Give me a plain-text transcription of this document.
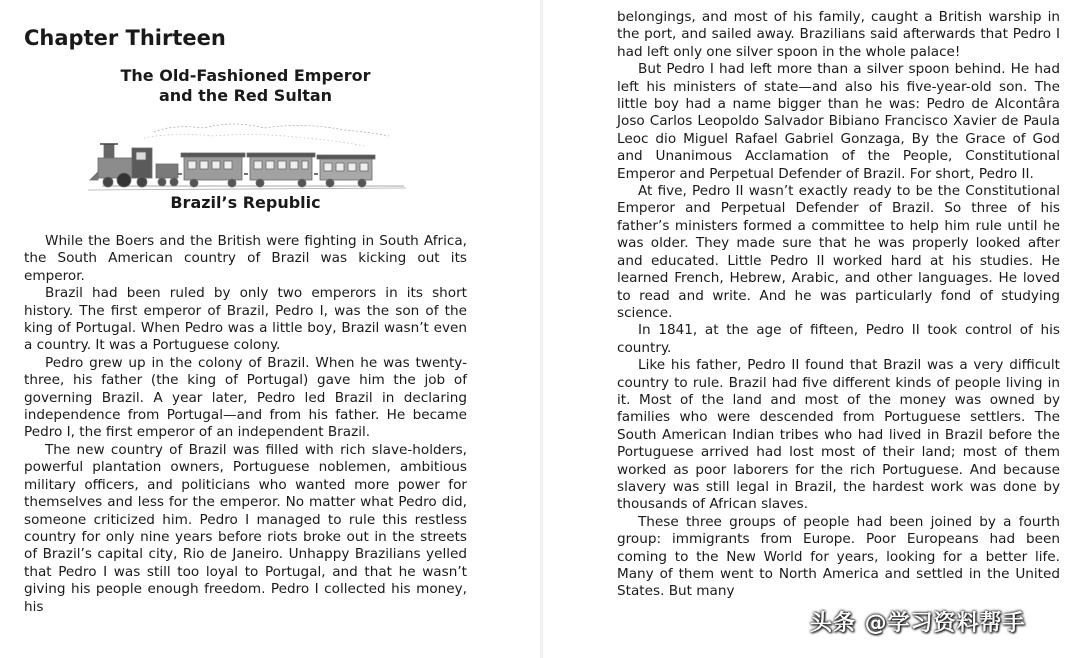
Chapter Thirteen
The Old-Fashioned Emperor
and the Red Sultan
Brazil’s Republic

While the Boers and the British were fighting in South Africa, the South American country of Brazil was kicking out its emperor.

Brazil had been ruled by only two emperors in its short history. The first emperor of Brazil, Pedro I, was the son of the king of Portugal. When Pedro was a little boy, Brazil wasn’t even a country. It was a Portuguese colony.

Pedro grew up in the colony of Brazil. When he was twenty-three, his father (the king of Portugal) gave him the job of governing Brazil. A year later, Pedro led Brazil in declaring independence from Portugal—and from his father. He became Pedro I, the first emperor of an independent Brazil.

The new country of Brazil was filled with rich slave-holders, powerful plantation owners, Portuguese noblemen, ambitious military officers, and politicians who wanted more power for themselves and less for the emperor. No matter what Pedro did, someone criticized him. Pedro I managed to rule this restless country for only nine years before riots broke out in the streets of Brazil’s capital city, Rio de Janeiro. Unhappy Brazilians yelled that Pedro I was still too loyal to Portugal, and that he wasn’t giving his people enough freedom. Pedro I collected his money, his

belongings, and most of his family, caught a British warship in the port, and sailed away. Brazilians said afterwards that Pedro I had left only one silver spoon in the whole palace!

But Pedro I had left more than a silver spoon behind. He had left his ministers of state—and also his five-year-old son. The little boy had a name bigger than he was: Pedro de Alcontâra Joso Carlos Leopoldo Salvador Bibiano Francisco Xavier de Paula Leoc dio Miguel Rafael Gabriel Gonzaga, By the Grace of God and Unanimous Acclamation of the People, Constitutional Emperor and Perpetual Defender of Brazil. For short, Pedro II.

At five, Pedro II wasn’t exactly ready to be the Constitutional Emperor and Perpetual Defender of Brazil. So three of his father’s ministers formed a committee to help him rule until he was older. They made sure that he was properly looked after and educated. Little Pedro II worked hard at his studies. He learned French, Hebrew, Arabic, and other languages. He loved to read and write. And he was particularly fond of studying science.

In 1841, at the age of fifteen, Pedro II took control of his country.

Like his father, Pedro II found that Brazil was a very difficult country to rule. Brazil had five different kinds of people living in it. Most of the land and most of the money was owned by families who were descended from Portuguese settlers. The South American Indian tribes who had lived in Brazil before the Portuguese arrived had lost most of their land; most of them worked as poor laborers for the rich Portuguese. And because slavery was still legal in Brazil, the hardest work was done by thousands of African slaves.

These three groups of people had been joined by a fourth group: immigrants from Europe. Poor Europeans had been coming to the New World for years, looking for a better life. Many of them went to North America and settled in the United States. But many

头条 @学习资料帮手
